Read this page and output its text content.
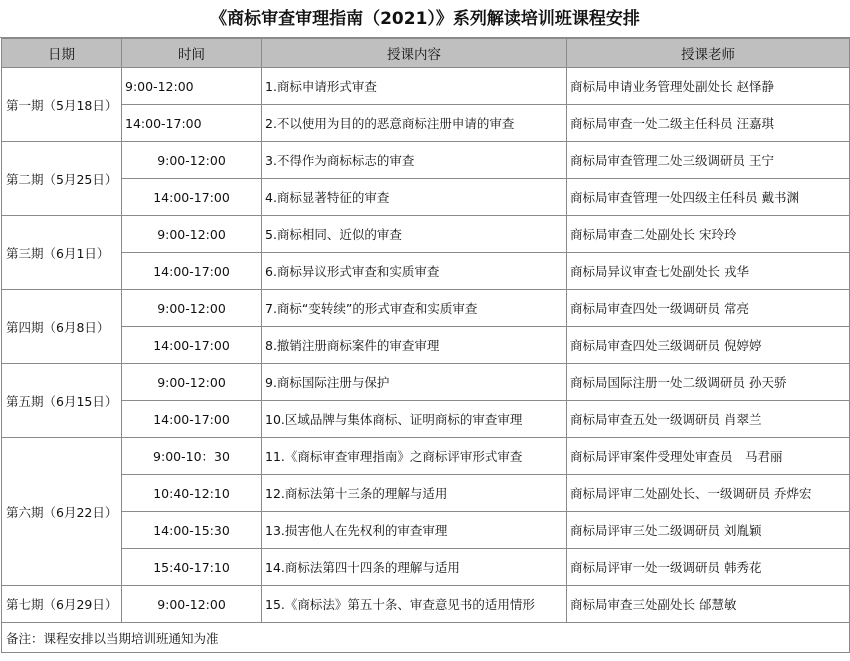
《商标审查审理指南（2021）》系列解读培训班课程安排
日期	时间	授课内容	授课老师
第一期（5月18日）	9:00-12:00	1.商标申请形式审查	商标局申请业务管理处副处长 赵怿静
	14:00-17:00	2.不以使用为目的的恶意商标注册申请的审查	商标局审查一处二级主任科员 汪嘉琪
第二期（5月25日）	9:00-12:00	3.不得作为商标标志的审查	商标局审查管理二处三级调研员 王宁
	14:00-17:00	4.商标显著特征的审查	商标局审查管理一处四级主任科员 戴书渊
第三期（6月1日）	9:00-12:00	5.商标相同、近似的审查	商标局审查二处副处长 宋玲玲
	14:00-17:00	6.商标异议形式审查和实质审查	商标局异议审查七处副处长 戎华
第四期（6月8日）	9:00-12:00	7.商标“变转续”的形式审查和实质审查	商标局审查四处一级调研员 常亮
	14:00-17:00	8.撤销注册商标案件的审查审理	商标局审查四处三级调研员 倪婷婷
第五期（6月15日）	9:00-12:00	9.商标国际注册与保护	商标局国际注册一处二级调研员 孙天骄
	14:00-17:00	10.区域品牌与集体商标、证明商标的审查审理	商标局审查五处一级调研员 肖翠兰
第六期（6月22日）	9:00-10：30	11.《商标审查审理指南》之商标评审形式审查	商标局评审案件受理处审查员　马君丽
	10:40-12:10	12.商标法第十三条的理解与适用	商标局评审二处副处长、一级调研员 乔烨宏
	14:00-15:30	13.损害他人在先权利的审查审理	商标局评审三处二级调研员 刘胤颖
	15:40-17:10	14.商标法第四十四条的理解与适用	商标局评审一处一级调研员 韩秀花
第七期（6月29日）	9:00-12:00	15.《商标法》第五十条、审查意见书的适用情形	商标局审查三处副处长 邰慧敏
备注：课程安排以当期培训班通知为准			
